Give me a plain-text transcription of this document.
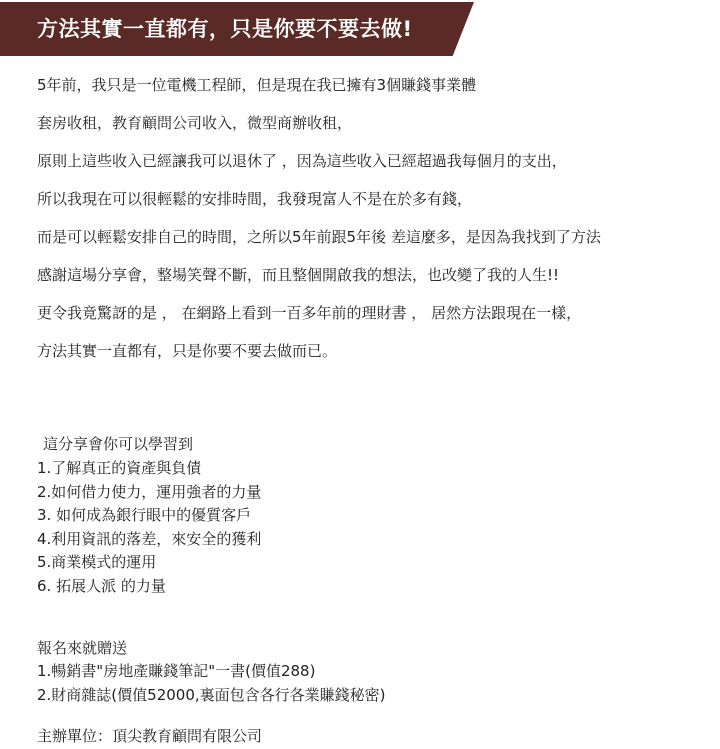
方法其實一直都有，只是你要不要去做!

5年前，我只是一位電機工程師，但是現在我已擁有3個賺錢事業體

套房收租，教育顧問公司收入，微型商辦收租，

原則上這些收入已經讓我可以退休了 ，因為這些收入已經超過我每個月的支出，

所以我現在可以很輕鬆的安排時間，我發現富人不是在於多有錢，

而是可以輕鬆安排自己的時間，之所以5年前跟5年後 差這麼多，是因為我找到了方法

感謝這場分享會，整場笑聲不斷，而且整個開啟我的想法，也改變了我的人生!!

更令我竟驚訝的是 ， 在網路上看到一百多年前的理財書 ， 居然方法跟現在一樣，

方法其實一直都有，只是你要不要去做而已。

這分享會你可以學習到

1.了解真正的資產與負債
2.如何借力使力，運用強者的力量
3. 如何成為銀行眼中的優質客戶
4.利用資訊的落差，來安全的獲利
5.商業模式的運用
6. 拓展人派 的力量

報名來就贈送

1.暢銷書"房地產賺錢筆記"一書(價值288)
2.財商雜誌(價值52000,裏面包含各行各業賺錢秘密)

主辦單位：頂尖教育顧問有限公司
